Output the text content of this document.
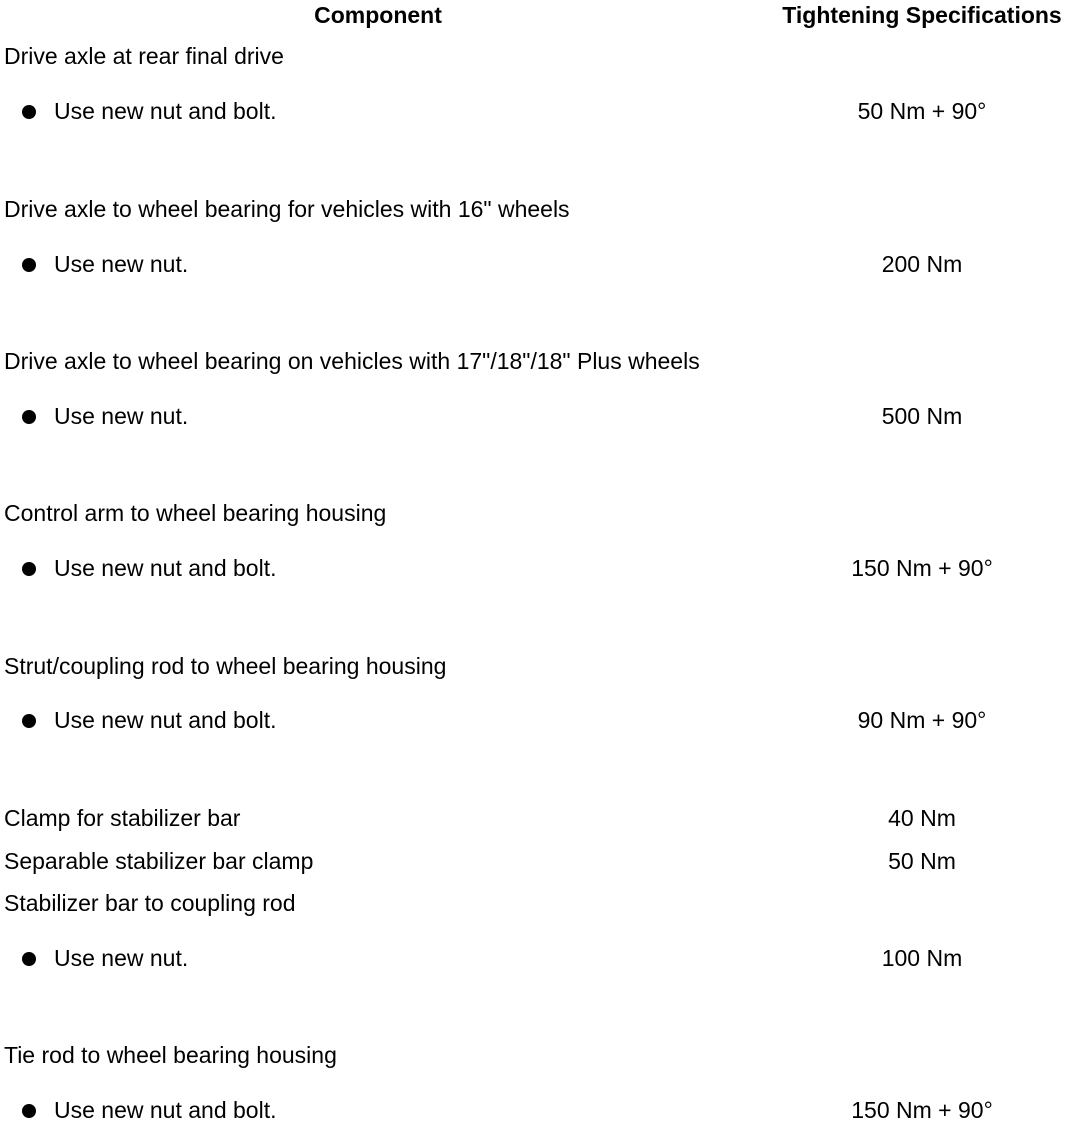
Component	Tightening Specifications
Drive axle at rear final drive
Use new nut and bolt.	50 Nm + 90°
Drive axle to wheel bearing for vehicles with 16" wheels
Use new nut.	200 Nm
Drive axle to wheel bearing on vehicles with 17"/18"/18" Plus wheels
Use new nut.	500 Nm
Control arm to wheel bearing housing
Use new nut and bolt.	150 Nm + 90°
Strut/coupling rod to wheel bearing housing
Use new nut and bolt.	90 Nm + 90°
Clamp for stabilizer bar	40 Nm
Separable stabilizer bar clamp	50 Nm
Stabilizer bar to coupling rod
Use new nut.	100 Nm
Tie rod to wheel bearing housing
Use new nut and bolt.	150 Nm + 90°
